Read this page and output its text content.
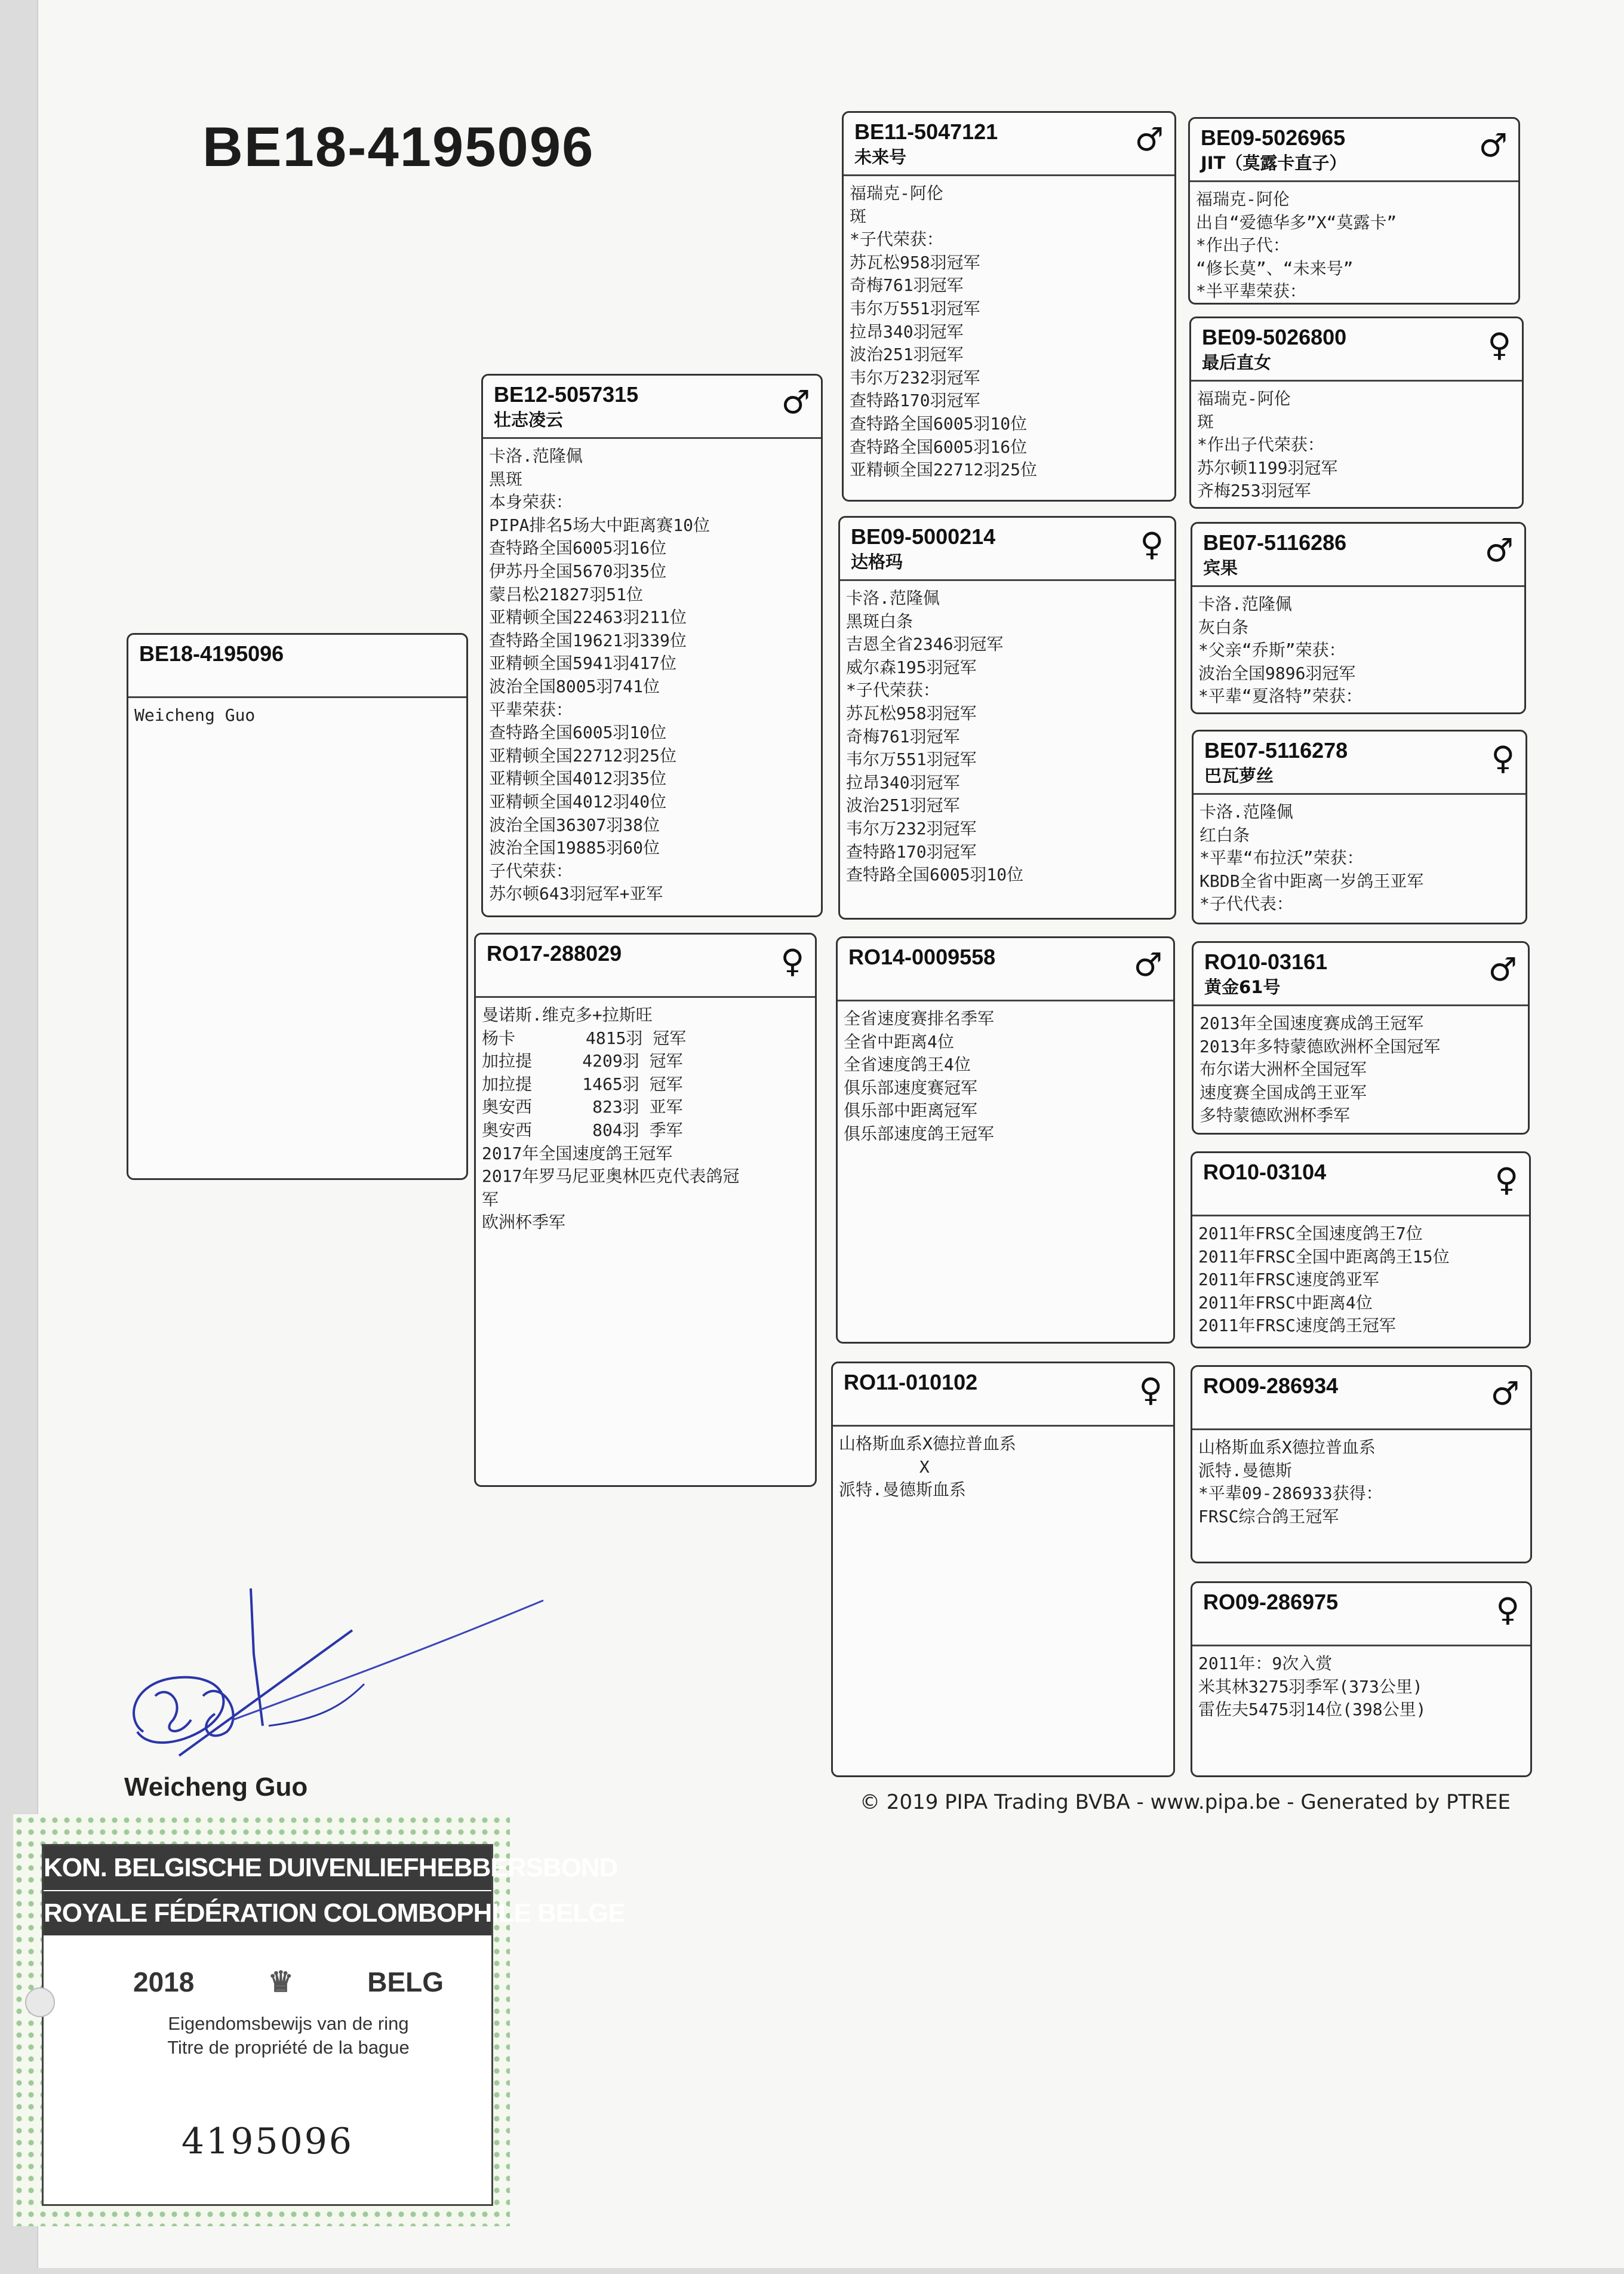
BE18-4195096
BE18-4195096
Weicheng Guo
BE12-5057315
壮志凌云	♂
卡洛.范隆佩
黑斑
本身荣获：
PIPA排名5场大中距离赛10位
查特路全国6005羽16位
伊苏丹全国5670羽35位
蒙吕松21827羽51位
亚精顿全国22463羽211位
查特路全国19621羽339位
亚精顿全国5941羽417位
波治全国8005羽741位
平辈荣获：
查特路全国6005羽10位
亚精顿全国22712羽25位
亚精顿全国4012羽35位
亚精顿全国4012羽40位
波治全国36307羽38位
波治全国19885羽60位
子代荣获：
苏尔顿643羽冠军+亚军
RO17-288029	♀
曼诺斯.维克多+拉斯旺
杨卡       4815羽 冠军
加拉提     4209羽 冠军
加拉提     1465羽 冠军
奥安西      823羽 亚军
奥安西      804羽 季军
2017年全国速度鸽王冠军
2017年罗马尼亚奥林匹克代表鸽冠
军
欧洲杯季军
BE11-5047121
未来号	♂
福瑞克-阿伦
斑
*子代荣获：
苏瓦松958羽冠军
奇梅761羽冠军
韦尔万551羽冠军
拉昂340羽冠军
波治251羽冠军
韦尔万232羽冠军
查特路170羽冠军
查特路全国6005羽10位
查特路全国6005羽16位
亚精顿全国22712羽25位
BE09-5000214
达格玛	♀
卡洛.范隆佩
黑斑白条
吉恩全省2346羽冠军
威尔森195羽冠军
*子代荣获：
苏瓦松958羽冠军
奇梅761羽冠军
韦尔万551羽冠军
拉昂340羽冠军
波治251羽冠军
韦尔万232羽冠军
查特路170羽冠军
查特路全国6005羽10位
RO14-0009558	♂
全省速度赛排名季军
全省中距离4位
全省速度鸽王4位
俱乐部速度赛冠军
俱乐部中距离冠军
俱乐部速度鸽王冠军
RO11-010102	♀
山格斯血系X德拉普血系
X
派特.曼德斯血系
BE09-5026965
JIT（莫露卡直子）	♂
福瑞克-阿伦
出自“爱德华多”X“莫露卡”
*作出子代：
“修长莫”、“未来号”
*半平辈荣获：
BE09-5026800
最后直女	♀
福瑞克-阿伦
斑
*作出子代荣获：
苏尔顿1199羽冠军
齐梅253羽冠军
BE07-5116286
宾果	♂
卡洛.范隆佩
灰白条
*父亲“乔斯”荣获：
波治全国9896羽冠军
*平辈“夏洛特”荣获：
BE07-5116278
巴瓦萝丝	♀
卡洛.范隆佩
红白条
*平辈“布拉沃”荣获：
KBDB全省中距离一岁鸽王亚军
*子代代表：
RO10-03161
黄金61号	♂
2013年全国速度赛成鸽王冠军
2013年多特蒙德欧洲杯全国冠军
布尔诺大洲杯全国冠军
速度赛全国成鸽王亚军
多特蒙德欧洲杯季军
RO10-03104	♀
2011年FRSC全国速度鸽王7位
2011年FRSC全国中距离鸽王15位
2011年FRSC速度鸽亚军
2011年FRSC中距离4位
2011年FRSC速度鸽王冠军
RO09-286934	♂
山格斯血系X德拉普血系
派特.曼德斯
*平辈09-286933获得：
FRSC综合鸽王冠军
RO09-286975	♀
2011年：9次入赏
米其林3275羽季军(373公里)
雷佐夫5475羽14位(398公里)
Weicheng Guo
© 2019 PIPA Trading BVBA - www.pipa.be - Generated by PTREE
KON. BELGISCHE DUIVENLIEFHEBBERSBOND
ROYALE FÉDÉRATION COLOMBOPHILE BELGE
2018	♛	BELG
Eigendomsbewijs van de ring
Titre de propriété de la bague
4195096
